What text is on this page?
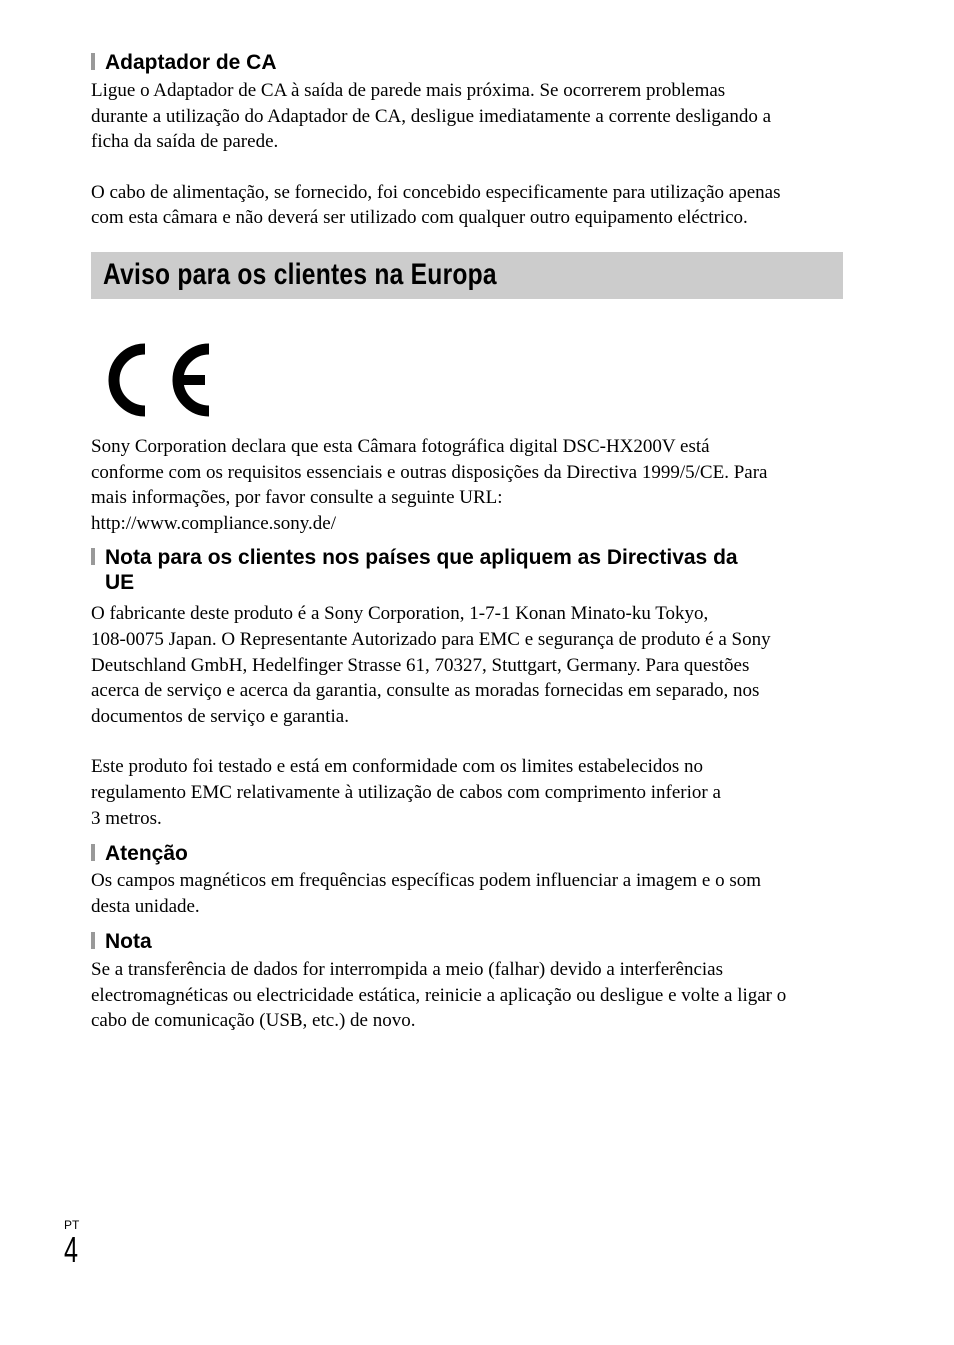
Adaptador de CA

Ligue o Adaptador de CA à saída de parede mais próxima. Se ocorrerem problemas
durante a utilização do Adaptador de CA, desligue imediatamente a corrente desligando a
ficha da saída de parede.

O cabo de alimentação, se fornecido, foi concebido especificamente para utilização apenas
com esta câmara e não deverá ser utilizado com qualquer outro equipamento eléctrico.

Aviso para os clientes na Europa

Sony Corporation declara que esta Câmara fotográfica digital DSC-HX200V está
conforme com os requisitos essenciais e outras disposições da Directiva 1999/5/CE. Para
mais informações, por favor consulte a seguinte URL:
http://www.compliance.sony.de/

Nota para os clientes nos países que apliquem as Directivas da
UE

O fabricante deste produto é a Sony Corporation, 1-7-1 Konan Minato-ku Tokyo,
108-0075 Japan. O Representante Autorizado para EMC e segurança de produto é a Sony
Deutschland GmbH, Hedelfinger Strasse 61, 70327, Stuttgart, Germany. Para questões
acerca de serviço e acerca da garantia, consulte as moradas fornecidas em separado, nos
documentos de serviço e garantia.

Este produto foi testado e está em conformidade com os limites estabelecidos no
regulamento EMC relativamente à utilização de cabos com comprimento inferior a
3 metros.

Atenção

Os campos magnéticos em frequências específicas podem influenciar a imagem e o som
desta unidade.

Nota

Se a transferência de dados for interrompida a meio (falhar) devido a interferências
electromagnéticas ou electricidade estática, reinicie a aplicação ou desligue e volte a ligar o
cabo de comunicação (USB, etc.) de novo.

PT
4
